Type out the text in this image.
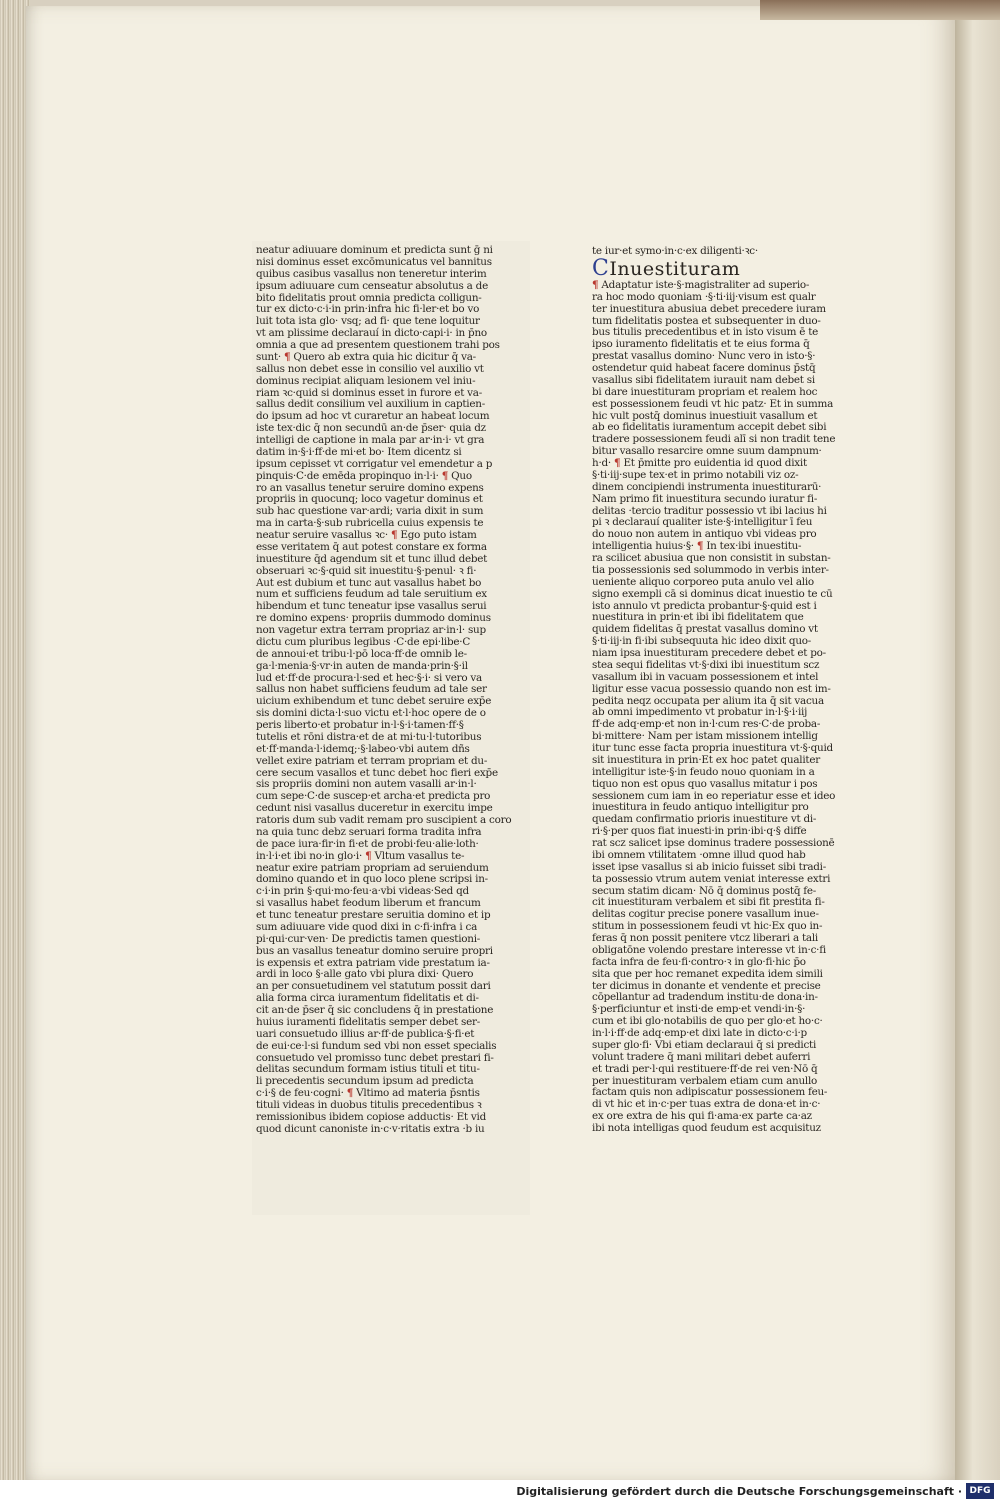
neatur adiuuare dominum et predicta sunt ḡ ni
nisi dominus esset excōmunicatus vel bannitus
quibus casibus vasallus non teneretur interim
ipsum adiuuare cum censeatur absolutus a de
bito fidelitatis prout omnia predicta colligun-
tur ex dicto·c·i·in prin·infra hic fi·ler·et bo vo
luit tota ista glo· vsq; ad fi· que tene loquitur
vt am plissime declarauí in dicto·capi·i· in p̄no
omnia a que ad presentem questionem trahi pos
sunt· ¶ Quero ab extra quia hic dicitur q̄ va-
sallus non debet esse in consilio vel auxilio vt
dominus recipiat aliquam lesionem vel iniu-
riam ꝛc·quid si dominus esset in furore et va-
sallus dedit consilium vel auxilium in captien-
do ipsum ad hoc vt curaretur an habeat locum
iste tex·dic q̄ non secundū an·de p̄ser· quia dz
intelligi de captione in mala par ar·in·i· vt gra
datim in·§·i·ff·de mi·et bo· Item dicentz si
ipsum cepisset vt corrigatur vel emendetur a p
pinquis·C·de emēda propinquo in·l·i· ¶ Quo
ro an vasallus tenetur seruire domino expens
propriis in quocunq; loco vagetur dominus et
sub hac questione var·ardi; varia dixit in sum
ma in carta·§·sub rubricella cuius expensis te
neatur seruire vasallus ꝛc· ¶ Ego puto istam
esse veritatem q̄ aut potest constare ex forma
inuestiture q̄d agendum sit et tunc illud debet
obseruari ꝛc·§·quid sit inuestitu·§·penul· ꝛ fi·
Aut est dubium et tunc aut vasallus habet bo
num et sufficiens feudum ad tale seruitium ex
hibendum et tunc teneatur ipse vasallus serui
re domino expens· propriis dummodo dominus
non vagetur extra terram propriaz ar·in·l· sup
dictu cum pluribus legibus ·C·de epi·libe·C
de annoui·et tribu·l·pō loca·ff·de omnib le-
ga·l·menia·§·vr·in auten de manda·prin·§·il
lud et·ff·de procura·l·sed et hec·§·i· si vero va
sallus non habet sufficiens feudum ad tale ser
uicium exhibendum et tunc debet seruire exp̄e
sis domini dicta·l·suo victu et·l·hoc opere de o
peris liberto·et probatur in·l·§·i·tamen·ff·§
tutelis et rōni distra·et de at mi·tu·l·tutoribus
et·ff·manda·l·idemq;·§·labeo·vbi autem dñs
vellet exire patriam et terram propriam et du-
cere secum vasallos et tunc debet hoc fieri exp̄e
sis propriis domini non autem vasalli ar·in·l·
cum sepe·C·de suscep·et archa·et predicta pro
cedunt nisi vasallus duceretur in exercitu impe
ratoris dum sub vadit remam pro suscipient a coro
na quia tunc debz seruari forma tradita infra
de pace iura·fir·in fi·et de probi·feu·alie·loth·
in·l·i·et ibi no·in glo·i· ¶ Vltum vasallus te-
neatur exire patriam propriam ad seruiendum
domino quando et in quo loco plene scripsi in-
c·i·in prin §·qui·mo·feu·a·vbi videas·Sed qd
si vasallus habet feodum liberum et francum
et tunc teneatur prestare seruitia domino et ip
sum adiuuare vide quod dixi in c·fi·infra i ca
pi·qui·cur·ven· De predictis tamen questioni-
bus an vasallus teneatur domino seruire propri
is expensis et extra patriam vide prestatum ia-
ardi in loco §·alle gato vbi plura dixi· Quero
an per consuetudinem vel statutum possit dari
alia forma circa iuramentum fidelitatis et di-
cit an·de p̄ser q̄ sic concludens q̄ in prestatione
huius iuramenti fidelitatis semper debet ser-
uari consuetudo illius ar·ff·de publica·§·fi·et
de eui·ce·l·si fundum sed vbi non esset specialis
consuetudo vel promisso tunc debet prestari fi-
delitas secundum formam istius tituli et titu-
li precedentis secundum ipsum ad predicta
c·i·§ de feu·cogni· ¶ Vltimo ad materia p̄sntis
tituli videas in duobus titulis precedentibus ꝛ
remissionibus ibidem copiose adductis· Et vid
quod dicunt canoniste in·c·v·ritatis extra ·b iu
te iur·et symo·in·c·ex diligenti·ꝛc·
CInuestituram
¶ Adaptatur iste·§·magistraliter ad superio-
ra hoc modo quoniam ·§·ti·iij·visum est qualr
ter inuestitura abusiua debet precedere iuram
tum fidelitatis postea et subsequenter in duo-
bus titulis precedentibus et in isto visum ē te
ipso iuramento fidelitatis et te eius forma q̄
prestat vasallus domino· Nunc vero in isto·§·
ostendetur quid habeat facere dominus p̄stq̄
vasallus sibi fidelitatem iurauit nam debet si
bi dare inuestituram propriam et realem hoc
est possessionem feudi vt hic patz· Et in summa
hic vult postq̄ dominus inuestiuit vasallum et
ab eo fidelitatis iuramentum accepit debet sibi
tradere possessionem feudi alī si non tradit tene
bitur vasallo resarcire omne suum dampnum·
h·d· ¶ Et p̄mitte pro euidentia id quod dixit
§·ti·iij·supe tex·et in primo notabili viz oz-
dinem concipiendi instrumenta inuestiturarū·
Nam primo fit inuestitura secundo iuratur fi-
delitas ·tercio traditur possessio vt ibi lacius hi
pi ꝛ declarauí qualiter iste·§·intelligitur ī feu
do nouo non autem in antiquo vbi videas pro
intelligentia huius·§· ¶ In tex·ibi inuestitu-
ra scilicet abusiua que non consistit in substan-
tia possessionis sed solummodo in verbis inter-
ueniente aliquo corporeo puta anulo vel alio
signo exempli cā si dominus dicat inuestio te cū
isto annulo vt predicta probantur·§·quid est i
nuestitura in prin·et ibi ibi fidelitatem que
quidem fidelitas q̄ prestat vasallus domino vt
§·ti·iij·in fi·ibi subsequuta hic ideo dixit quo-
niam ipsa inuestituram precedere debet et po-
stea sequi fidelitas vt·§·dixi ibi inuestitum scz
vasallum ibi in vacuam possessionem et intel
ligitur esse vacua possessio quando non est im-
pedita neqz occupata per alium ita q̄ sit vacua
ab omni impedimento vt probatur in·l·§·i·iij
ff·de adq·emp·et non in·l·cum res·C·de proba-
bi·mittere· Nam per istam missionem intellig
itur tunc esse facta propria inuestitura vt·§·quid
sit inuestitura in prin·Et ex hoc patet qualiter
intelligitur iste·§·in feudo nouo quoniam in a
tiquo non est opus quo vasallus mitatur i pos
sessionem cum iam in eo reperiatur esse et ideo
inuestitura in feudo antiquo intelligitur pro
quedam confirmatio prioris inuestiture vt di-
ri·§·per quos fiat inuesti·in prin·ibi·q·§ diffe
rat scz salicet ipse dominus tradere possessionē
ibi omnem vtilitatem ·omne illud quod hab
isset ipse vasallus si ab inicio fuisset sibi tradi-
ta possessio vtrum autem veniat interesse extri
secum statim dicam· Nō q̄ dominus postq̄ fe-
cit inuestituram verbalem et sibi fit prestita fi-
delitas cogitur precise ponere vasallum inue-
stitum in possessionem feudi vt hic·Ex quo in-
feras q̄ non possit penitere vtcz liberari a tali
obligatōne volendo prestare interesse vt in·c·fi
facta infra de feu·fi·contro·ꝛ in glo·fi·hic p̄o
sita que per hoc remanet expedita idem simili
ter dicimus in donante et vendente et precise
cōpellantur ad tradendum institu·de dona·in-
§·perficiuntur et insti·de emp·et vendi·in·§·
cum et ibi glo·notabilis de quo per glo·et ho·c·
in·l·i·ff·de adq·emp·et dixi late in dicto·c·i·p
super glo·fi· Vbi etiam declaraui q̄ si predicti
volunt tradere q̄ mani militari debet auferri
et tradi per·l·qui restituere·ff·de rei ven·Nō q̄
per inuestituram verbalem etiam cum anullo
factam quis non adipiscatur possessionem feu-
di vt hic et in·c·per tuas extra de dona·et in·c·
ex ore extra de his qui fi·ama·ex parte ca·az
ibi nota intelligas quod feudum est acquisituz
Digitalisierung gefördert durch die Deutsche Forschungsgemeinschaft · DFG
